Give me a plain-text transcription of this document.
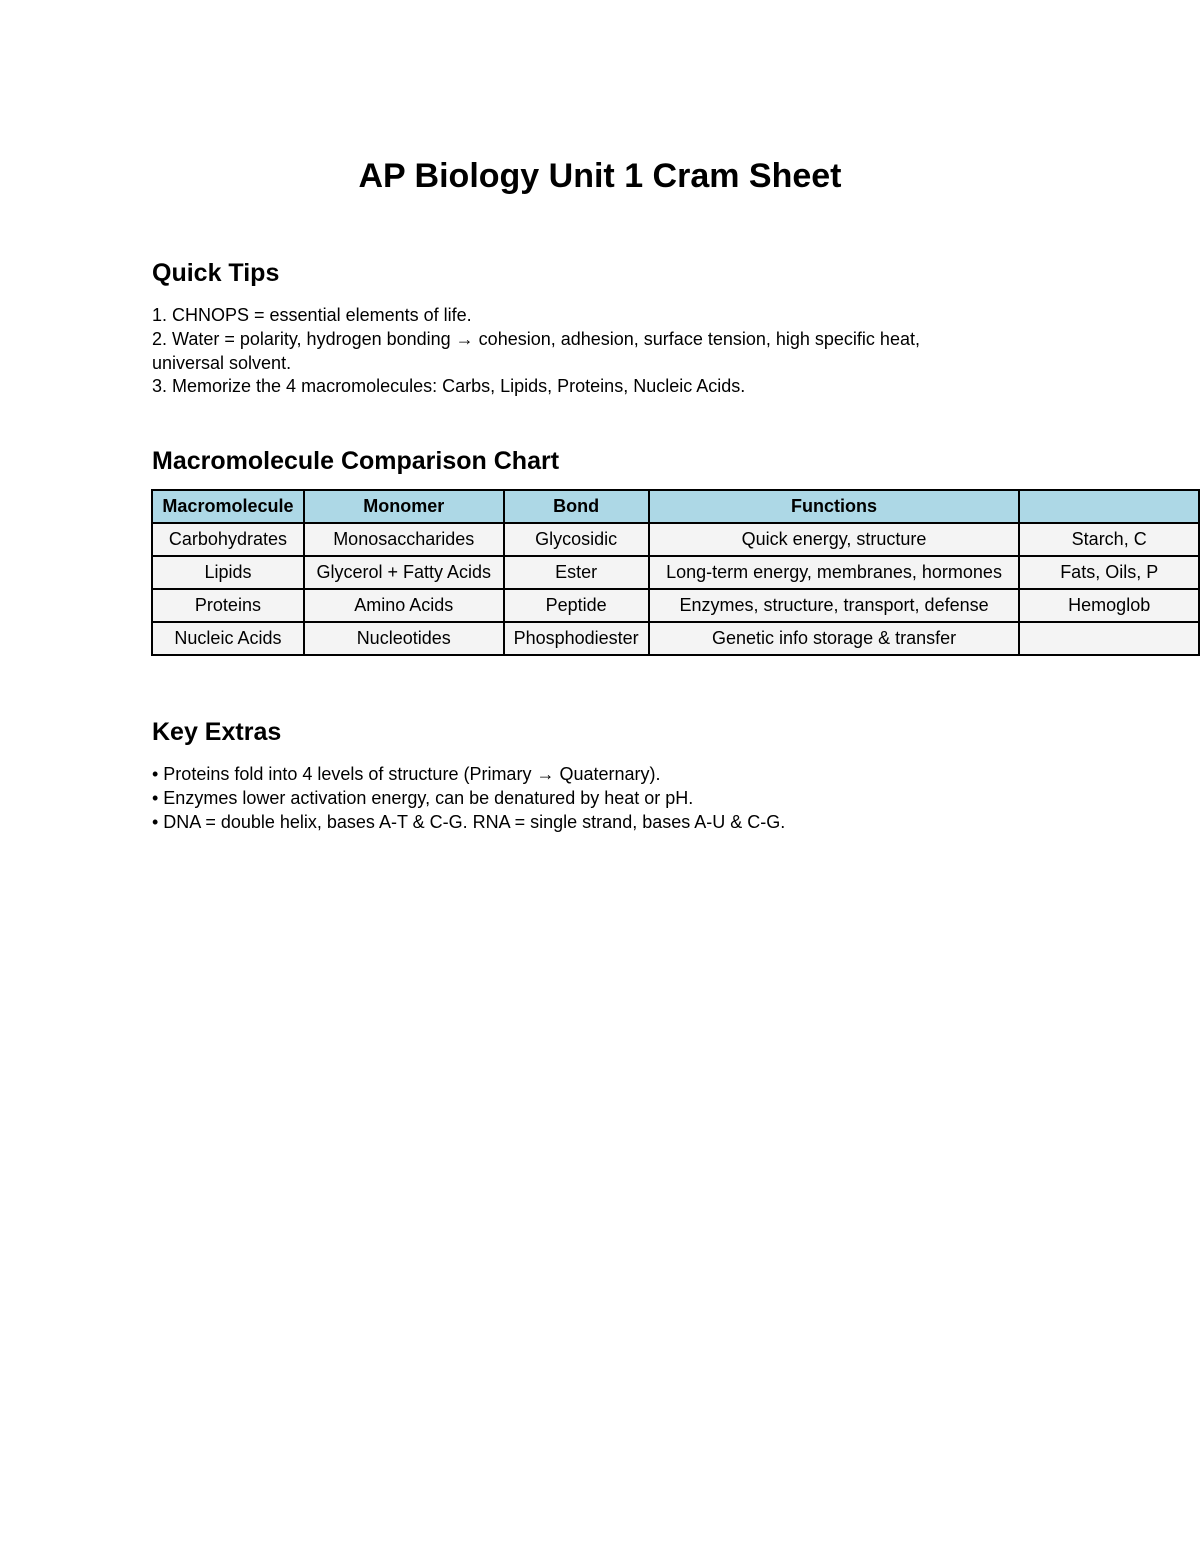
AP Biology Unit 1 Cram Sheet
Quick Tips

1. CHNOPS = essential elements of life.

2. Water = polarity, hydrogen bonding → cohesion, adhesion, surface tension, high specific heat,

universal solvent.

3. Memorize the 4 macromolecules: Carbs, Lipids, Proteins, Nucleic Acids.

Macromolecule Comparison Chart
Macromolecule	Monomer	Bond	Functions	
Carbohydrates	Monosaccharides	Glycosidic	Quick energy, structure	Starch, C
Lipids	Glycerol + Fatty Acids	Ester	Long-term energy, membranes, hormones	Fats, Oils, P
Proteins	Amino Acids	Peptide	Enzymes, structure, transport, defense	Hemoglob
Nucleic Acids	Nucleotides	Phosphodiester	Genetic info storage & transfer	
Key Extras

• Proteins fold into 4 levels of structure (Primary → Quaternary).

• Enzymes lower activation energy, can be denatured by heat or pH.

• DNA = double helix, bases A-T & C-G. RNA = single strand, bases A-U & C-G.
